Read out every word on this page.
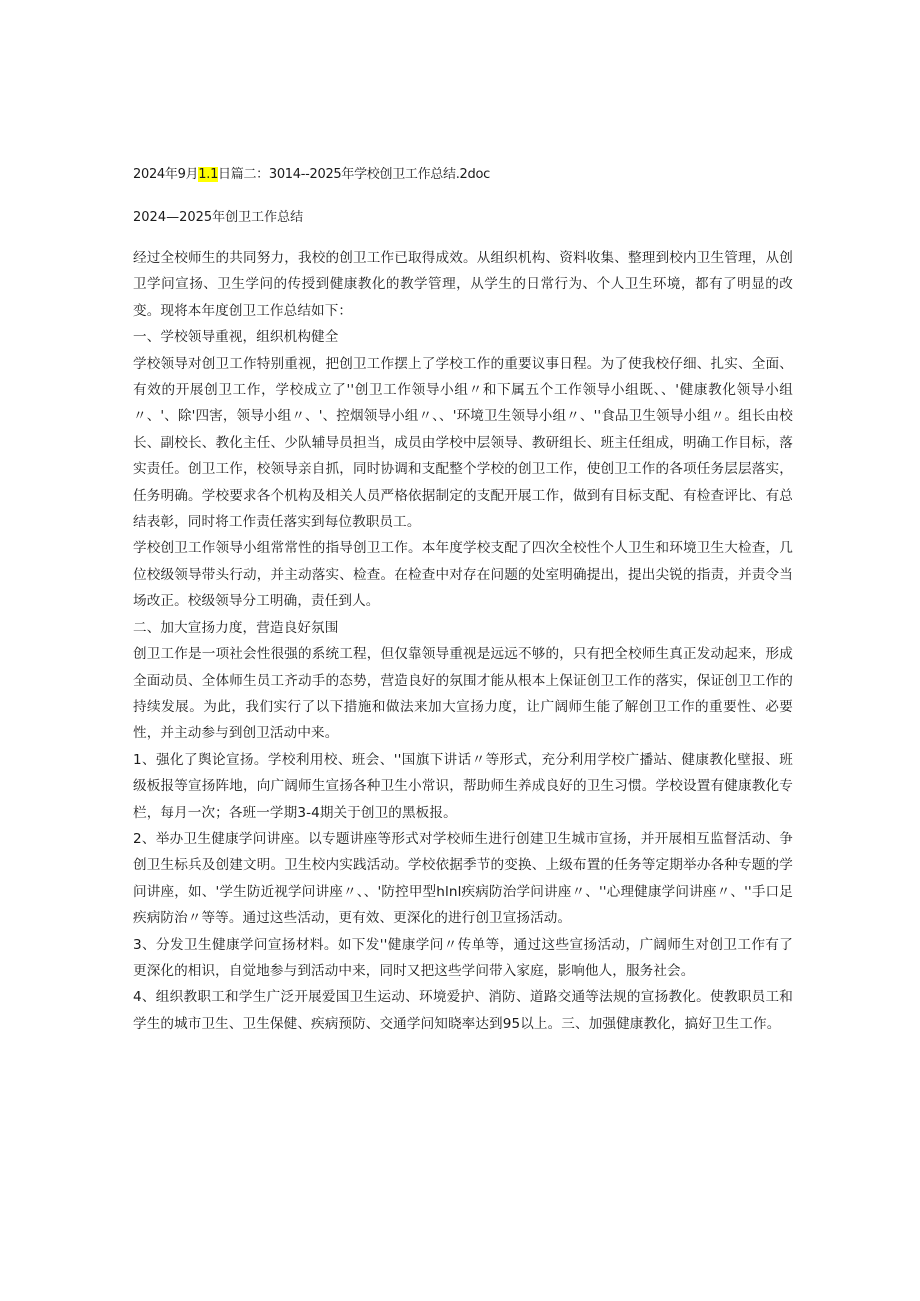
2024年9月1.1日篇二：3014--2025年学校创卫工作总结.2doc
2024—2025年创卫工作总结

经过全校师生的共同努力，我校的创卫工作已取得成效。从组织机构、资料收集、整理到校内卫生管理，从创卫学问宣扬、卫生学问的传授到健康教化的教学管理，从学生的日常行为、个人卫生环境，都有了明显的改变。现将本年度创卫工作总结如下：

一、学校领导重视，组织机构健全

学校领导对创卫工作特别重视，把创卫工作摆上了学校工作的重要议事日程。为了使我校仔细、扎实、全面、有效的开展创卫工作，学校成立了''创卫工作领导小组〃和下属五个工作领导小组既、、'健康教化领导小组〃、'、除'四害，领导小组〃、'、控烟领导小组〃、、'环境卫生领导小组〃、''食品卫生领导小组〃。组长由校长、副校长、教化主任、少队辅导员担当，成员由学校中层领导、教研组长、班主任组成，明确工作目标，落实责任。创卫工作，校领导亲自抓，同时协调和支配整个学校的创卫工作，使创卫工作的各项任务层层落实，任务明确。学校要求各个机构及相关人员严格依据制定的支配开展工作，做到有目标支配、有检查评比、有总结表彰，同时将工作责任落实到每位教职员工。

学校创卫工作领导小组常常性的指导创卫工作。本年度学校支配了四次全校性个人卫生和环境卫生大检查，几位校级领导带头行动，并主动落实、检查。在检查中对存在问题的处室明确提出，提出尖锐的指责，并责令当场改正。校级领导分工明确，责任到人。

二、加大宣扬力度，营造良好氛围

创卫工作是一项社会性很强的系统工程，但仅靠领导重视是远远不够的，只有把全校师生真正发动起来，形成全面动员、全体师生员工齐动手的态势，营造良好的氛围才能从根本上保证创卫工作的落实，保证创卫工作的持续发展。为此，我们实行了以下措施和做法来加大宣扬力度，让广阔师生能了解创卫工作的重要性、必要性，并主动参与到创卫活动中来。

1、强化了舆论宣扬。学校利用校、班会、''国旗下讲话〃等形式，充分利用学校广播站、健康教化壁报、班级板报等宣扬阵地，向广阔师生宣扬各种卫生小常识，帮助师生养成良好的卫生习惯。学校设置有健康教化专栏，每月一次；各班一学期3-4期关于创卫的黑板报。

2、举办卫生健康学问讲座。以专题讲座等形式对学校师生进行创建卫生城市宣扬，并开展相互监督活动、争创卫生标兵及创建文明。卫生校内实践活动。学校依据季节的变换、上级布置的任务等定期举办各种专题的学问讲座，如、'学生防近视学问讲座〃、、'防控甲型hlnl疾病防治学问讲座〃、''心理健康学问讲座〃、''手口足疾病防治〃等等。通过这些活动，更有效、更深化的进行创卫宣扬活动。

3、分发卫生健康学问宣扬材料。如下发''健康学问〃传单等，通过这些宣扬活动，广阔师生对创卫工作有了更深化的相识，自觉地参与到活动中来，同时又把这些学问带入家庭，影响他人，服务社会。

4、组织教职工和学生广泛开展爱国卫生运动、环境爱护、消防、道路交通等法规的宣扬教化。使教职员工和学生的城市卫生、卫生保健、疾病预防、交通学问知晓率达到95以上。三、加强健康教化，搞好卫生工作。
